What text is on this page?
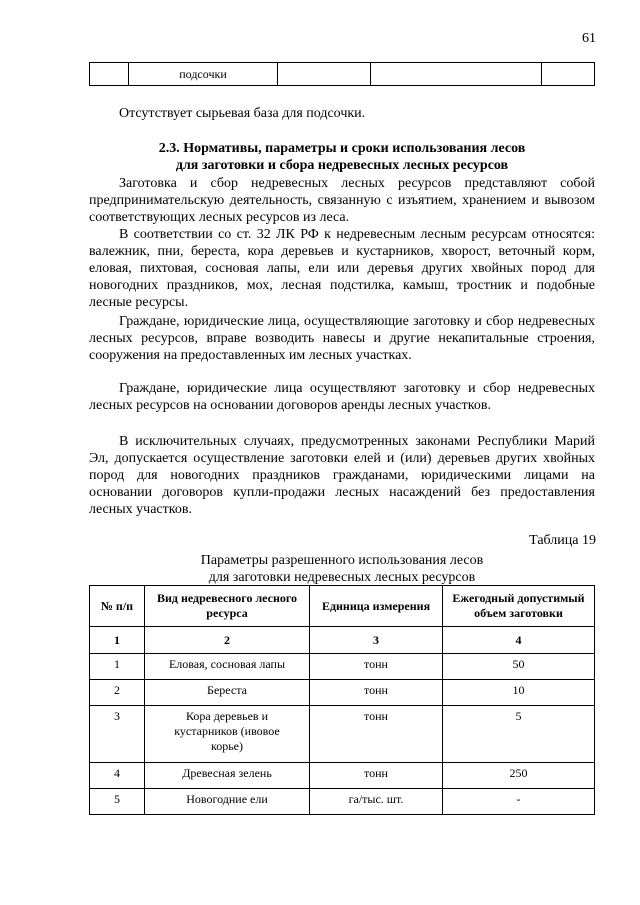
61
	подсочки			
Отсутствует сырьевая база для подсочки.
2.3. Нормативы, параметры и сроки использования лесов
для заготовки и сбора недревесных лесных ресурсов
Заготовка и сбор недревесных лесных ресурсов представляют собой предпринимательскую деятельность, связанную с изъятием, хранением и вывозом соответствующих лесных ресурсов из леса.
В соответствии со ст. 32 ЛК РФ к недревесным лесным ресурсам относятся: валежник, пни, береста, кора деревьев и кустарников, хворост, веточный корм, еловая, пихтовая, сосновая лапы, ели или деревья других хвойных пород для новогодних праздников, мох, лесная подстилка, камыш, тростник и подобные лесные ресурсы.
Граждане, юридические лица, осуществляющие заготовку и сбор недревесных лесных ресурсов, вправе возводить навесы и другие некапитальные строения, сооружения на предоставленных им лесных участках.
Граждане, юридические лица осуществляют заготовку и сбор недревесных лесных ресурсов на основании договоров аренды лесных участков.
В исключительных случаях, предусмотренных законами Республики Марий Эл, допускается осуществление заготовки елей и (или) деревьев других хвойных пород для новогодних праздников гражданами, юридическими лицами на основании договоров купли-продажи лесных насаждений без предоставления лесных участков.
Таблица 19
Параметры разрешенного использования лесов
для заготовки недревесных лесных ресурсов
№ п/п	Вид недревесного лесного ресурса	Единица измерения	Ежегодный допустимый объем заготовки
1	2	3	4
1	Еловая, сосновая лапы	тонн	50
2	Береста	тонн	10
3	Кора деревьев и кустарников (ивовое корье)	тонн	5
4	Древесная зелень	тонн	250
5	Новогодние ели	га/тыс. шт.	-
